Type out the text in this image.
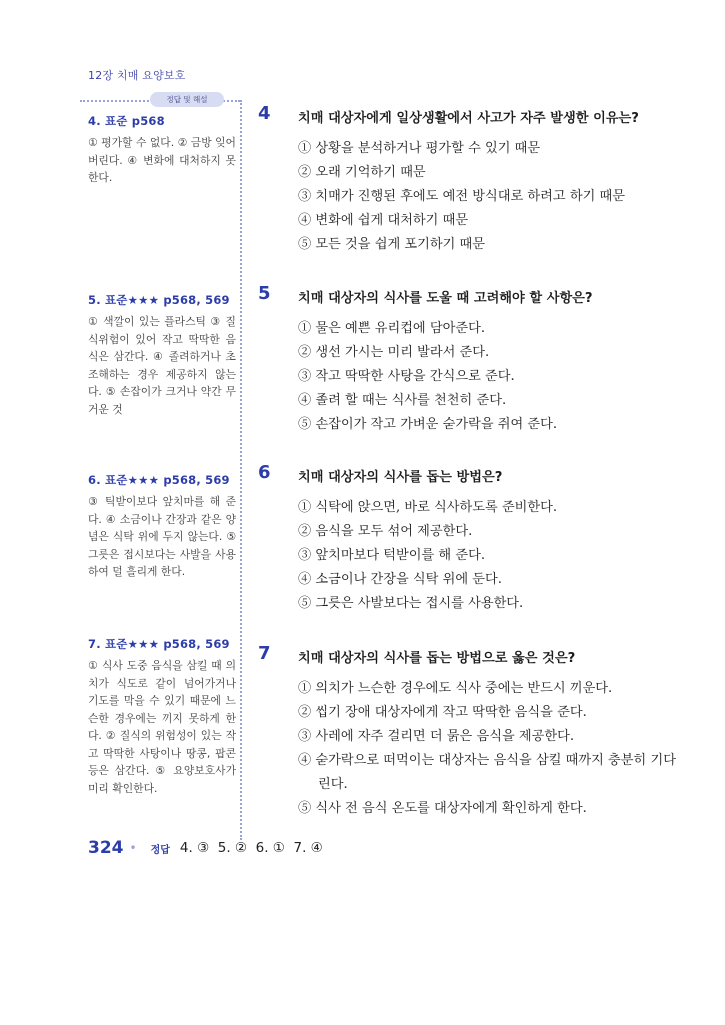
12장 치매 요양보호
정답 및 해설
4. 표준 p568
① 평가할 수 없다. ② 금방 잊어버린다. ④ 변화에 대처하지 못한다.
5. 표준★★★ p568, 569
① 색깔이 있는 플라스틱 ③ 질식위험이 있어 작고 딱딱한 음식은 삼간다. ④ 졸려하거나 초조해하는 경우 제공하지 않는다. ⑤ 손잡이가 크거나 약간 무거운 것
6. 표준★★★ p568, 569
③ 틱받이보다 앞치마를 해 준다. ④ 소금이나 간장과 같은 양념은 식탁 위에 두지 않는다. ⑤ 그릇은 접시보다는 사발을 사용하여 덜 흘리게 한다.
7. 표준★★★ p568, 569
① 식사 도중 음식을 삼킬 때 의치가 식도로 같이 넘어가거나 기도를 막을 수 있기 때문에 느슨한 경우에는 끼지 못하게 한다. ② 질식의 위험성이 있는 작고 딱딱한 사탕이나 땅콩, 팝콘 등은 삼간다. ⑤ 요양보호사가 미리 확인한다.
4 치매 대상자에게 일상생활에서 사고가 자주 발생한 이유는?
① 상황을 분석하거나 평가할 수 있기 때문
② 오래 기억하기 때문
③ 치매가 진행된 후에도 예전 방식대로 하려고 하기 때문
④ 변화에 쉽게 대처하기 때문
⑤ 모든 것을 쉽게 포기하기 때문
5 치매 대상자의 식사를 도울 때 고려해야 할 사항은?
① 물은 예쁜 유리컵에 담아준다.
② 생선 가시는 미리 발라서 준다.
③ 작고 딱딱한 사탕을 간식으로 준다.
④ 졸려 할 때는 식사를 천천히 준다.
⑤ 손잡이가 작고 가벼운 숟가락을 쥐여 준다.
6 치매 대상자의 식사를 돕는 방법은?
① 식탁에 앉으면, 바로 식사하도록 준비한다.
② 음식을 모두 섞어 제공한다.
③ 앞치마보다 턱받이를 해 준다.
④ 소금이나 간장을 식탁 위에 둔다.
⑤ 그릇은 사발보다는 접시를 사용한다.
7 치매 대상자의 식사를 돕는 방법으로 옳은 것은?
① 의치가 느슨한 경우에도 식사 중에는 반드시 끼운다.
② 씹기 장애 대상자에게 작고 딱딱한 음식을 준다.
③ 사레에 자주 걸리면 더 묽은 음식을 제공한다.
④ 숟가락으로 떠먹이는 대상자는 음식을 삼킬 때까지 충분히 기다린다.
⑤ 식사 전 음식 온도를 대상자에게 확인하게 한다.
324 • 정답 4. ③  5. ②  6. ①  7. ④
